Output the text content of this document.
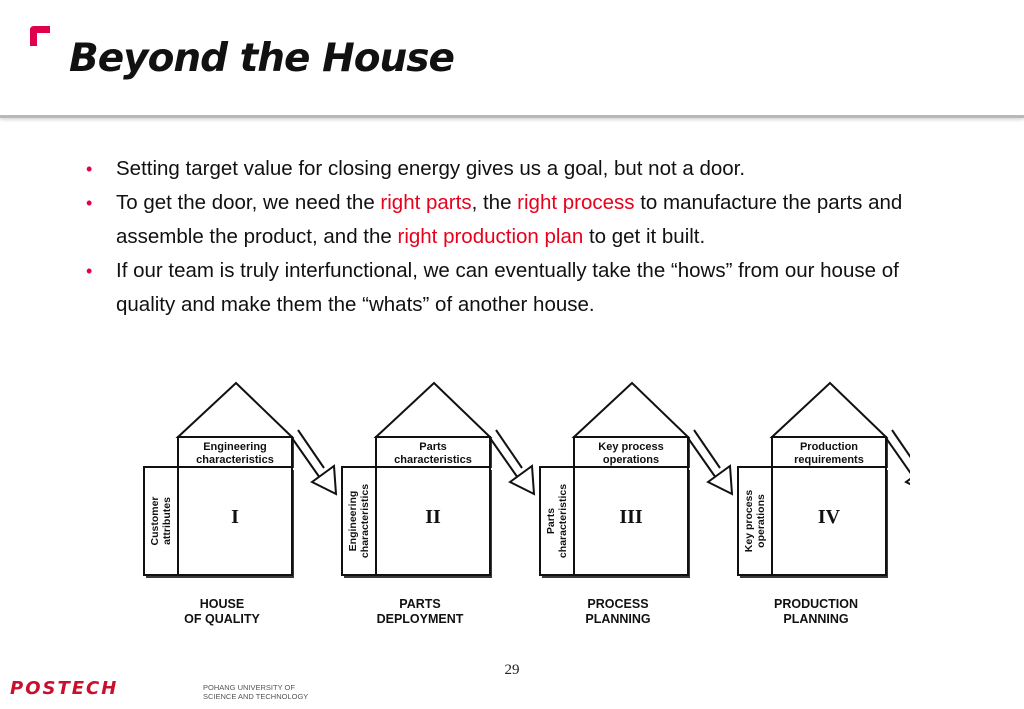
Beyond the House
• Setting target value for closing energy gives us a goal, but not a door.
• To get the door, we need the right parts, the right process to manufacture the parts and assemble the product, and the right production plan to get it built.
• If our team is truly interfunctional, we can eventually take the “hows” from our house of quality and make them the “whats” of another house.
Engineering
characteristics
Customer attributes	I
HOUSE
OF QUALITY
Parts
characteristics
Engineering characteristics	II
PARTS
DEPLOYMENT
Key process
operations
Parts characteristics	III
PROCESS
PLANNING
Production
requirements
Key process operations	IV
PRODUCTION
PLANNING
29
POSTECH	POHANG UNIVERSITY OF
SCIENCE AND TECHNOLOGY
